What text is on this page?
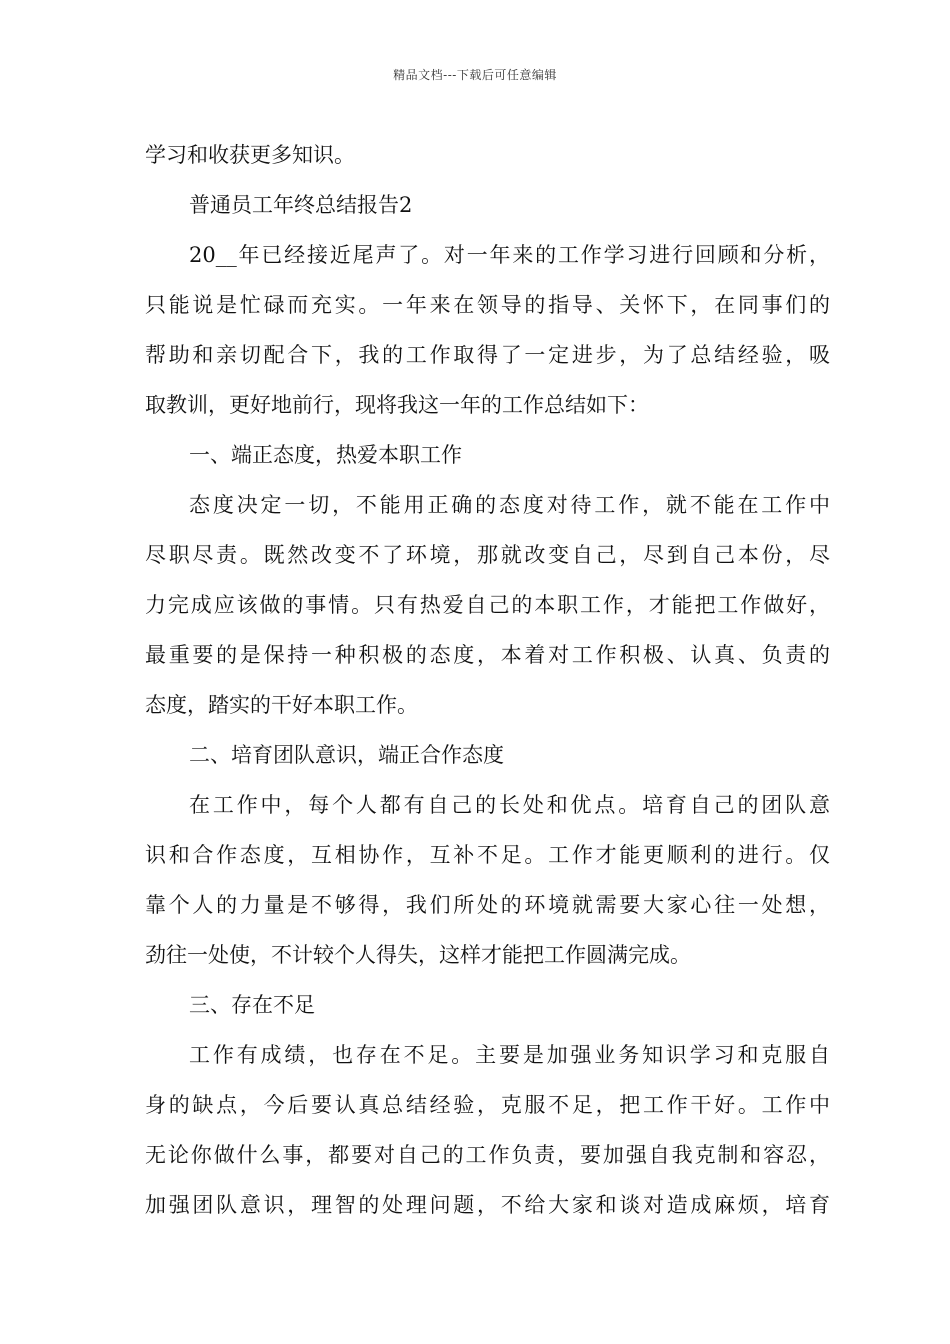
精品文档---下载后可任意编辑
学习和收获更多知识。
普通员工年终总结报告2
20__年已经接近尾声了。对一年来的工作学习进行回顾和分析，
只能说是忙碌而充实。一年来在领导的指导、关怀下，在同事们的
帮助和亲切配合下，我的工作取得了一定进步，为了总结经验，吸
取教训，更好地前行，现将我这一年的工作总结如下：
一、端正态度，热爱本职工作
态度决定一切，不能用正确的态度对待工作，就不能在工作中
尽职尽责。既然改变不了环境，那就改变自己，尽到自己本份，尽
力完成应该做的事情。只有热爱自己的本职工作，才能把工作做好，
最重要的是保持一种积极的态度，本着对工作积极、认真、负责的
态度，踏实的干好本职工作。
二、培育团队意识，端正合作态度
在工作中，每个人都有自己的长处和优点。培育自己的团队意
识和合作态度，互相协作，互补不足。工作才能更顺利的进行。仅
靠个人的力量是不够得，我们所处的环境就需要大家心往一处想，
劲往一处使，不计较个人得失，这样才能把工作圆满完成。
三、存在不足
工作有成绩，也存在不足。主要是加强业务知识学习和克服自
身的缺点，今后要认真总结经验，克服不足，把工作干好。工作中
无论你做什么事，都要对自己的工作负责，要加强自我克制和容忍，
加强团队意识，理智的处理问题，不给大家和谈对造成麻烦，培育
